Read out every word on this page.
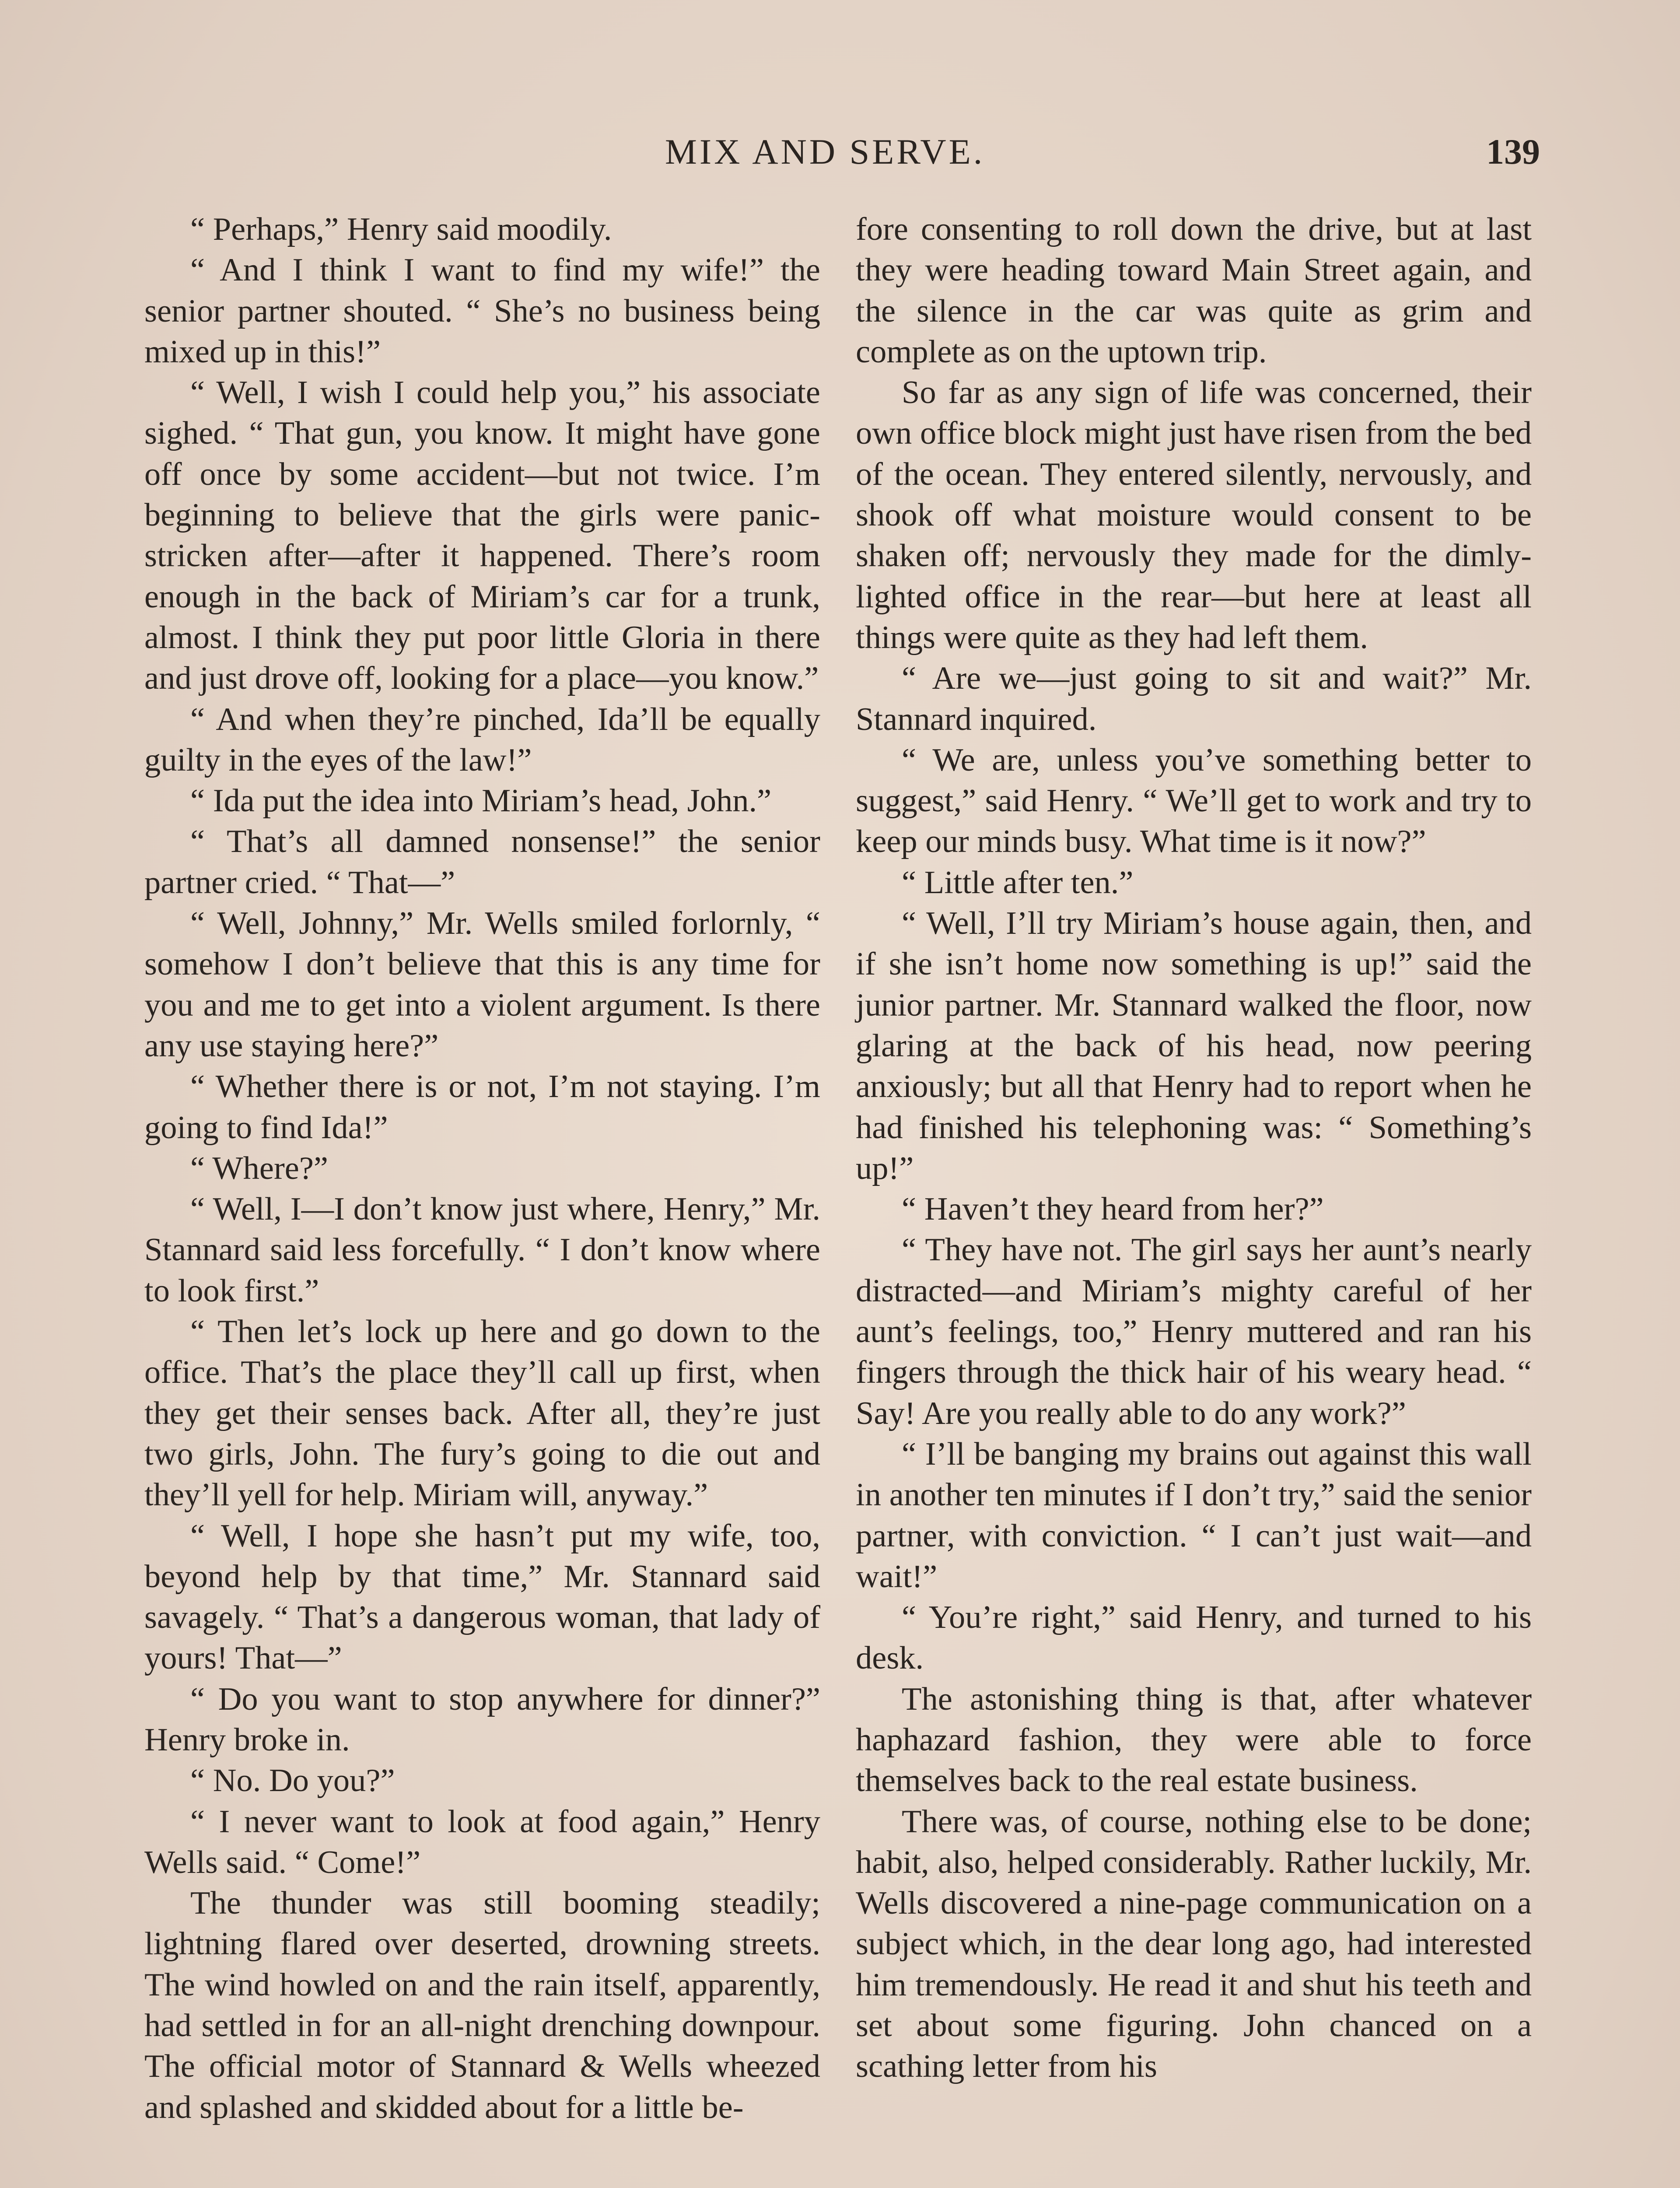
MIX AND SERVE.	139

“ Perhaps,” Henry said moodily.

“ And I think I want to find my wife!” the senior partner shouted. “ She’s no business being mixed up in this!”

“ Well, I wish I could help you,” his associate sighed. “ That gun, you know. It might have gone off once by some accident—but not twice. I’m beginning to believe that the girls were panic-stricken after—after it happened. There’s room enough in the back of Miriam’s car for a trunk, almost. I think they put poor little Gloria in there and just drove off, looking for a place—you know.”

“ And when they’re pinched, Ida’ll be equally guilty in the eyes of the law!”

“ Ida put the idea into Miriam’s head, John.”

“ That’s all damned nonsense!” the senior partner cried. “ That—”

“ Well, Johnny,” Mr. Wells smiled forlornly, “ somehow I don’t believe that this is any time for you and me to get into a violent argument. Is there any use staying here?”

“ Whether there is or not, I’m not staying. I’m going to find Ida!”

“ Where?”

“ Well, I—I don’t know just where, Henry,” Mr. Stannard said less forcefully. “ I don’t know where to look first.”

“ Then let’s lock up here and go down to the office. That’s the place they’ll call up first, when they get their senses back. After all, they’re just two girls, John. The fury’s going to die out and they’ll yell for help. Miriam will, anyway.”

“ Well, I hope she hasn’t put my wife, too, beyond help by that time,” Mr. Stannard said savagely. “ That’s a dangerous woman, that lady of yours! That—”

“ Do you want to stop anywhere for dinner?” Henry broke in.

“ No. Do you?”

“ I never want to look at food again,” Henry Wells said. “ Come!”

The thunder was still booming steadily; lightning flared over deserted, drowning streets. The wind howled on and the rain itself, apparently, had settled in for an all-night drenching downpour. The official motor of Stannard & Wells wheezed and splashed and skidded about for a little be-

fore consenting to roll down the drive, but at last they were heading toward Main Street again, and the silence in the car was quite as grim and complete as on the uptown trip.

So far as any sign of life was concerned, their own office block might just have risen from the bed of the ocean. They entered silently, nervously, and shook off what moisture would consent to be shaken off; nervously they made for the dimly-lighted office in the rear—but here at least all things were quite as they had left them.

“ Are we—just going to sit and wait?” Mr. Stannard inquired.

“ We are, unless you’ve something better to suggest,” said Henry. “ We’ll get to work and try to keep our minds busy. What time is it now?”

“ Little after ten.”

“ Well, I’ll try Miriam’s house again, then, and if she isn’t home now something is up!” said the junior partner. Mr. Stannard walked the floor, now glaring at the back of his head, now peering anxiously; but all that Henry had to report when he had finished his telephoning was: “ Something’s up!”

“ Haven’t they heard from her?”

“ They have not. The girl says her aunt’s nearly distracted—and Miriam’s mighty careful of her aunt’s feelings, too,” Henry muttered and ran his fingers through the thick hair of his weary head. “ Say! Are you really able to do any work?”

“ I’ll be banging my brains out against this wall in another ten minutes if I don’t try,” said the senior partner, with conviction. “ I can’t just wait—and wait!”

“ You’re right,” said Henry, and turned to his desk.

The astonishing thing is that, after whatever haphazard fashion, they were able to force themselves back to the real estate business.

There was, of course, nothing else to be done; habit, also, helped considerably. Rather luckily, Mr. Wells discovered a nine-page communication on a subject which, in the dear long ago, had interested him tremendously. He read it and shut his teeth and set about some figuring. John chanced on a scathing letter from his
